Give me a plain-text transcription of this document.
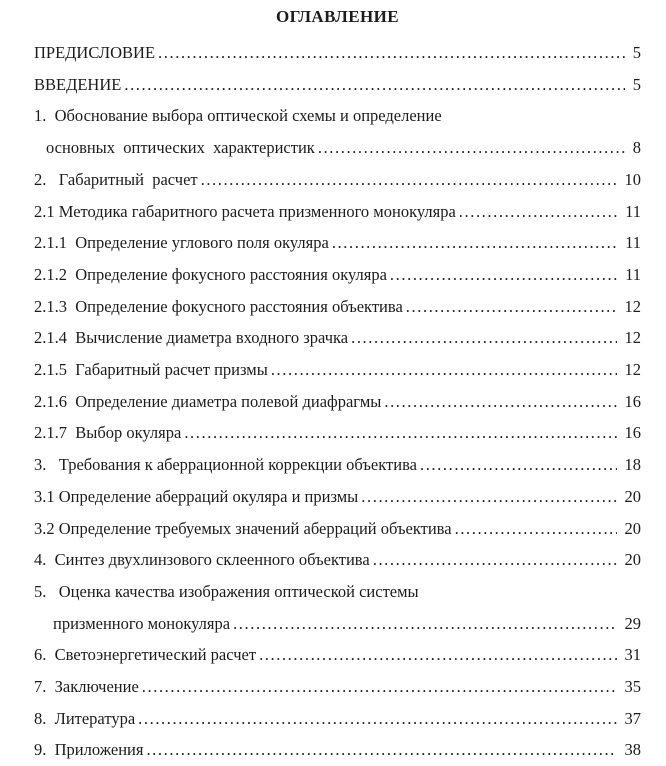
ОГЛАВЛЕНИЕ
ПРЕДИСЛОВИЕ .....	5
ВВЕДЕНИЕ .....	5
1.  Обоснование выбора оптической схемы и определение
основных  оптических  характеристик .....	8
2.   Габаритный  расчет .....	10
2.1 Методика габаритного расчета призменного монокуляра .....	11
2.1.1  Определение углового поля окуляра .....	11
2.1.2  Определение фокусного расстояния окуляра .....	11
2.1.3  Определение фокусного расстояния объектива .....	12
2.1.4  Вычисление диаметра входного зрачка .....	12
2.1.5  Габаритный расчет призмы .....	12
2.1.6  Определение диаметра полевой диафрагмы .....	16
2.1.7  Выбор окуляра .....	16
3.   Требования к аберрационной коррекции объектива .....	18
3.1 Определение аберраций окуляра и призмы .....	20
3.2 Определение требуемых значений аберраций объектива .....	20
4.  Синтез двухлинзового склеенного объектива .....	20
5.   Оценка качества изображения оптической системы
призменного монокуляра .....	29
6.  Светоэнергетический расчет .....	31
7.  Заключение .....	35
8.  Литература .....	37
9.  Приложения .....	38
